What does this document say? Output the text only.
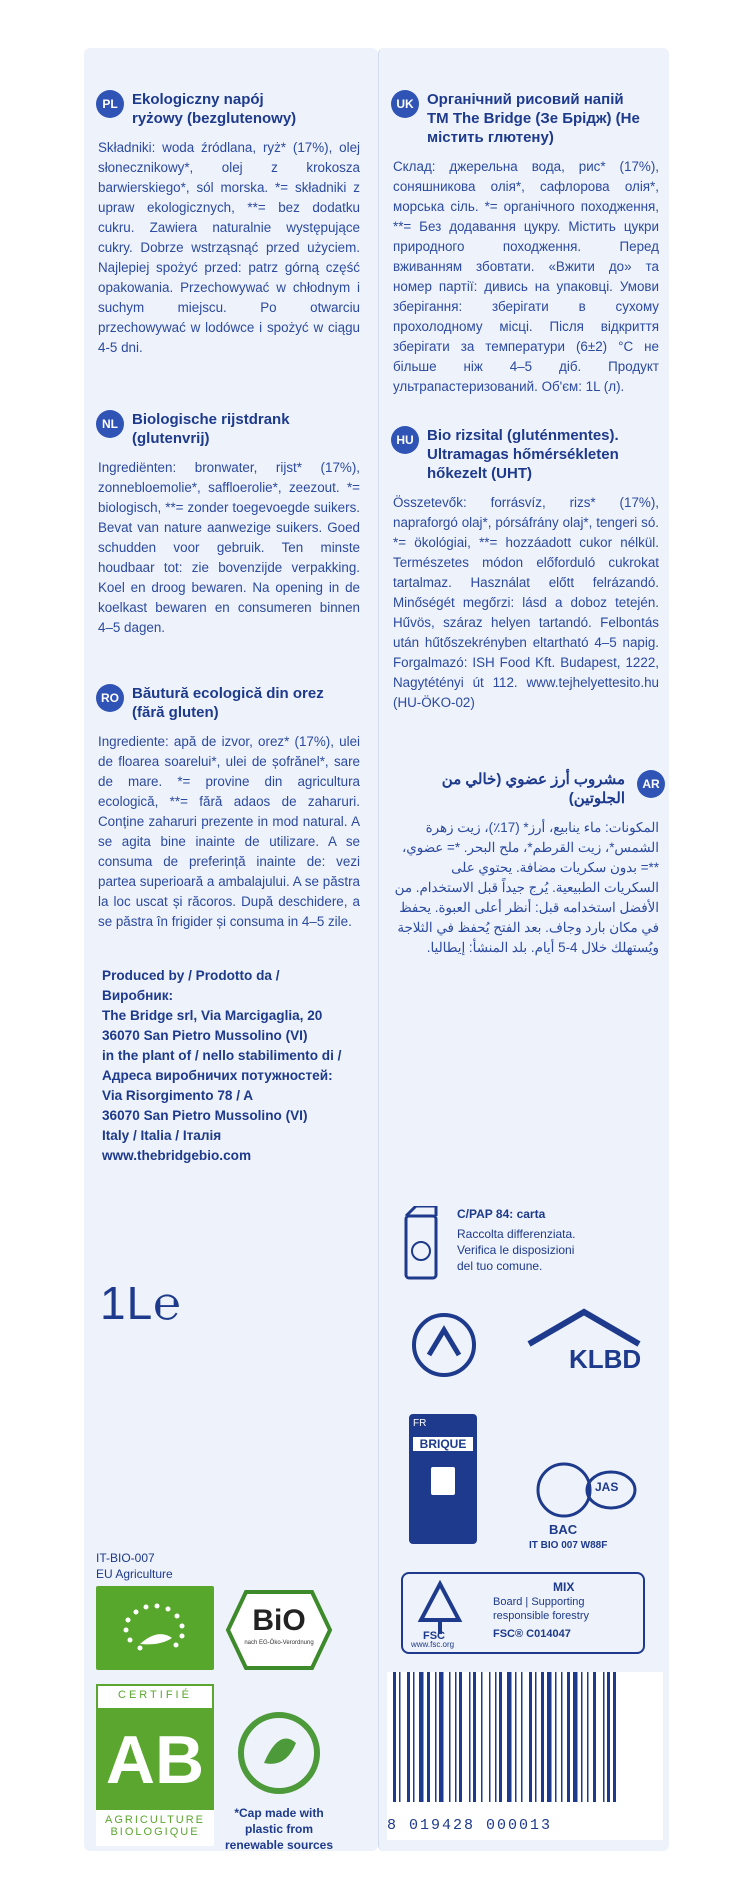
PL Ekologiczny napój ryżowy (bezglutenowy)
Składniki: woda źródlana, ryż* (17%), olej słonecznikowy*, olej z krokosza barwierskiego*, sól morska. *= składniki z upraw ekologicznych, **= bez dodatku cukru. Zawiera naturalnie występujące cukry. Dobrze wstrząsnąć przed użyciem. Najlepiej spożyć przed: patrz górną część opakowania. Przechowywać w chłodnym i suchym miejscu. Po otwarciu przechowywać w lodówce i spożyć w ciągu 4-5 dni.
NL Biologische rijstdrank (glutenvrij)
Ingrediënten: bronwater, rijst* (17%), zonnebloemolie*, saffloerolie*, zeezout. *= biologisch, **= zonder toegevoegde suikers. Bevat van nature aanwezige suikers. Goed schudden voor gebruik. Ten minste houdbaar tot: zie bovenzijde verpakking. Koel en droog bewaren. Na opening in de koelkast bewaren en consumeren binnen 4–5 dagen.
RO Băutură ecologică din orez (fără gluten)
Ingrediente: apă de izvor, orez* (17%), ulei de floarea soarelui*, ulei de șofrănel*, sare de mare. *= provine din agricultura ecologică, **= fără adaos de zaharuri. Conține zaharuri prezente in mod natural. A se agita bine inainte de utilizare. A se consuma de preferință inainte de: vezi partea superioară a ambalajului. A se păstra la loc uscat și răcoros. După deschidere, a se păstra în frigider și consuma in 4–5 zile.
Produced by / Prodotto da /
Виробник:
The Bridge srl, Via Marcigaglia, 20
36070 San Pietro Mussolino (VI)
in the plant of / nello stabilimento di /
Адреса виробничих потужностей:
Via Risorgimento 78 / A
36070 San Pietro Mussolino (VI)
Italy / Italia / Італія
www.thebridgebio.com
1L℮
IT-BIO-007
EU Agriculture
BiO
nach EG-Öko-Verordnung
CERTIFIÉ
AB
AGRICULTURE
BIOLOGIQUE
*Cap made with plastic from renewable sources
UK Органічний рисовий напій TM The Bridge (Зе Брідж) (Не містить глютену)
Склад: джерельна вода, рис* (17%), соняшникова олія*, сафлорова олія*, морська сіль. *= органічного походження, **= Без додавання цукру. Містить цукри природного походження. Перед вживанням збовтати. «Вжити до» та номер партії: дивись на упаковці. Умови зберігання: зберігати в сухому прохолодному місці. Після відкриття зберігати за температури (6±2) °С не більше ніж 4–5 діб. Продукт ультрапастеризований. Об'єм: 1L (л).
HU Bio rizsital (gluténmentes). Ultramagas hőmérsékleten hőkezelt (UHT)
Összetevők: forrásvíz, rizs* (17%), napraforgó olaj*, pórsáfrány olaj*, tengeri só. *= ökológiai, **= hozzáadott cukor nélkül. Természetes módon előforduló cukrokat tartalmaz. Használat előtt felrázandó. Minőségét megőrzi: lásd a doboz tetején. Hűvös, száraz helyen tartandó. Felbontás után hűtőszekrényben eltartható 4–5 napig. Forgalmazó: ISH Food Kft. Budapest, 1222, Nagytétényi út 112. www.tejhelyettesito.hu (HU-ÖKO-02)
AR
مشروب أرز عضوي (خالي من الجلوتين)
المكونات: ماء ينابيع، أرز* (17٪)، زيت زهرة الشمس*، زيت القرطم*، ملح البحر. *= عضوي، **= بدون سكريات مضافة. يحتوي على السكريات الطبيعية. يُرج جيداً قبل الاستخدام. من الأفضل استخدامه قبل: أنظر أعلى العبوة. يحفظ في مكان بارد وجاف. بعد الفتح يُحفظ في الثلاجة ويُستهلك خلال 4-5 أيام. بلد المنشأ: إيطاليا.
C/PAP 84: carta
Raccolta differenziata.
Verifica le disposizioni
del tuo comune.
KLBD
FR
BRIQUE
JAS
BAC
IT BIO 007 W88F
FSC
MIX
Board | Supporting
responsible forestry
FSC® C014047
www.fsc.org
8 019428 000013
